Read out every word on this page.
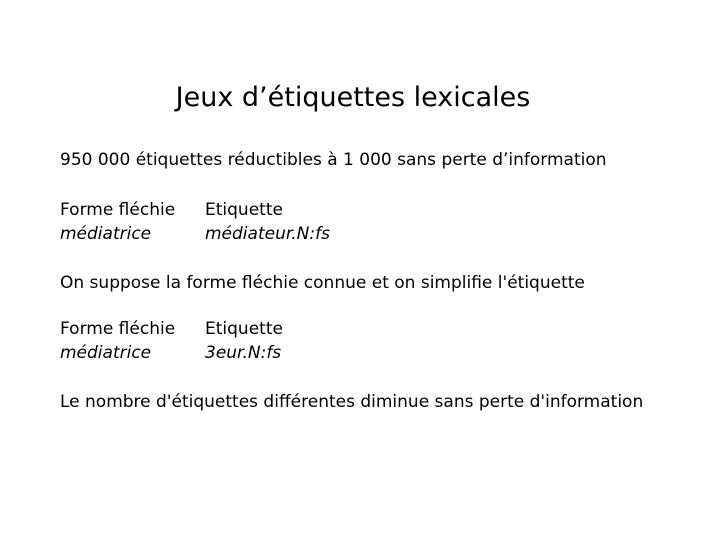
Jeux d’étiquettes lexicales
950 000 étiquettes réductibles à 1 000 sans perte d’information
Forme fléchie
médiatrice
Etiquette
médiateur.N:fs
On suppose la forme fléchie connue et on simplifie l'étiquette
Forme fléchie
médiatrice
Etiquette
3eur.N:fs
Le nombre d'étiquettes différentes diminue sans perte d'information
